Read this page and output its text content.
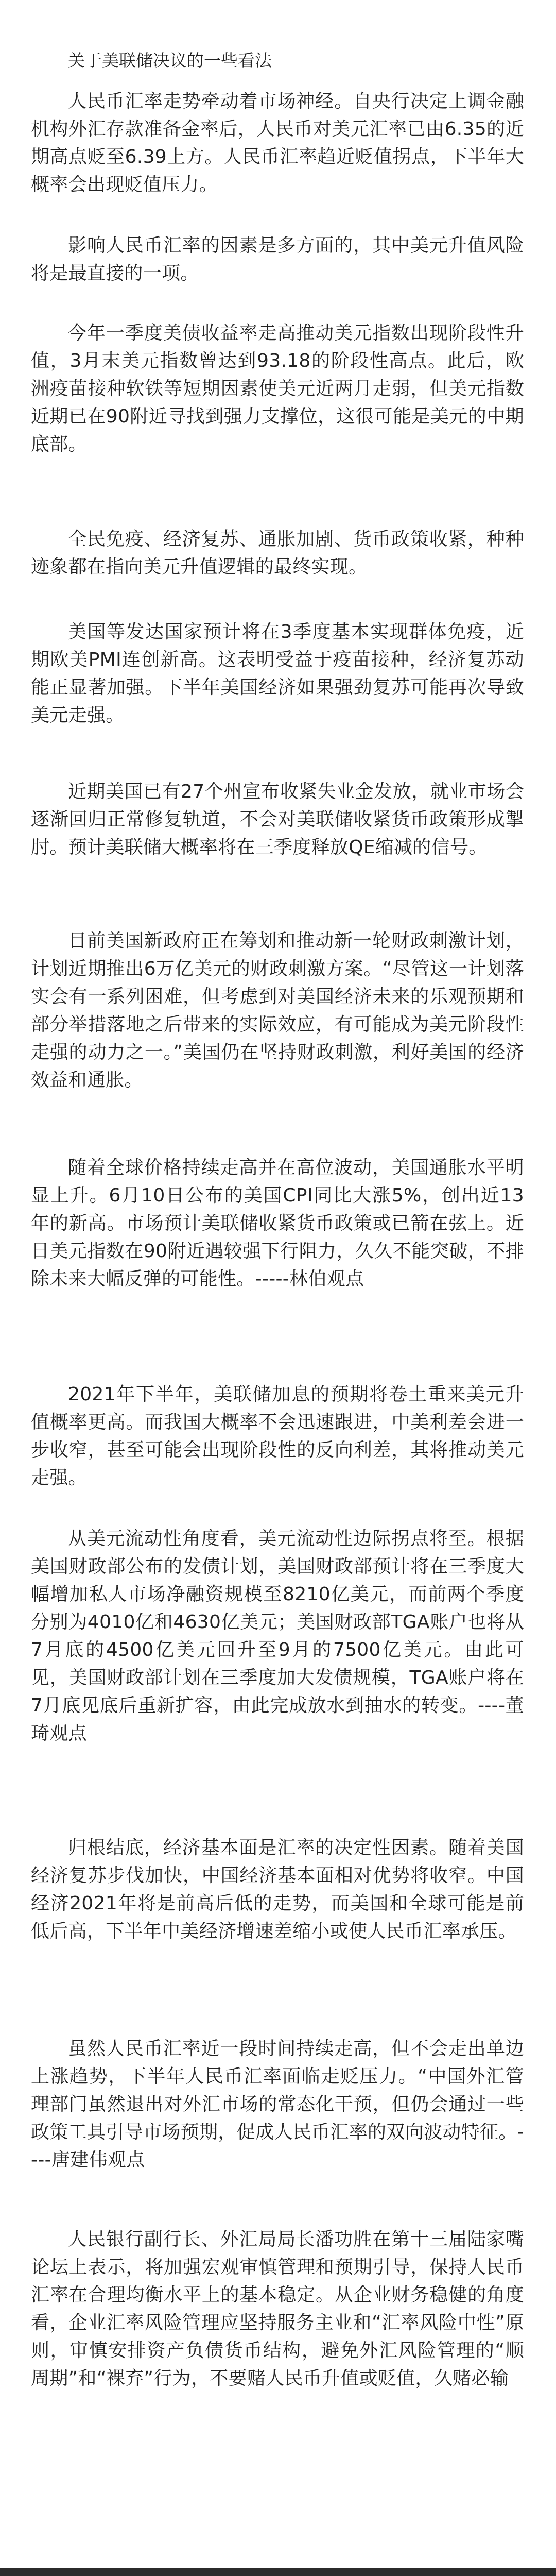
关于美联储决议的一些看法

人民币汇率走势牵动着市场神经。自央行决定上调金融机构外汇存款准备金率后，人民币对美元汇率已由6.35的近期高点贬至6.39上方。人民币汇率趋近贬值拐点，下半年大概率会出现贬值压力。

影响人民币汇率的因素是多方面的，其中美元升值风险将是最直接的一项。

今年一季度美债收益率走高推动美元指数出现阶段性升值，3月末美元指数曾达到93.18的阶段性高点。此后，欧洲疫苗接种软铁等短期因素使美元近两月走弱，但美元指数近期已在90附近寻找到强力支撑位，这很可能是美元的中期底部。

全民免疫、经济复苏、通胀加剧、货币政策收紧，种种迹象都在指向美元升值逻辑的最终实现。

美国等发达国家预计将在3季度基本实现群体免疫，近期欧美PMI连创新高。这表明受益于疫苗接种，经济复苏动能正显著加强。下半年美国经济如果强劲复苏可能再次导致美元走强。

近期美国已有27个州宣布收紧失业金发放，就业市场会逐渐回归正常修复轨道，不会对美联储收紧货币政策形成掣肘。预计美联储大概率将在三季度释放QE缩减的信号。

目前美国新政府正在筹划和推动新一轮财政刺激计划，计划近期推出6万亿美元的财政刺激方案。“尽管这一计划落实会有一系列困难，但考虑到对美国经济未来的乐观预期和部分举措落地之后带来的实际效应，有可能成为美元阶段性走强的动力之一。”美国仍在坚持财政刺激，利好美国的经济效益和通胀。

随着全球价格持续走高并在高位波动，美国通胀水平明显上升。6月10日公布的美国CPI同比大涨5%，创出近13年的新高。市场预计美联储收紧货币政策或已箭在弦上。近日美元指数在90附近遇较强下行阻力，久久不能突破，不排除未来大幅反弹的可能性。-----林伯观点

2021年下半年，美联储加息的预期将卷土重来美元升值概率更高。而我国大概率不会迅速跟进，中美利差会进一步收窄，甚至可能会出现阶段性的反向利差，其将推动美元走强。

从美元流动性角度看，美元流动性边际拐点将至。根据美国财政部公布的发债计划，美国财政部预计将在三季度大幅增加私人市场净融资规模至8210亿美元，而前两个季度分别为4010亿和4630亿美元；美国财政部TGA账户也将从7月底的4500亿美元回升至9月的7500亿美元。由此可见，美国财政部计划在三季度加大发债规模，TGA账户将在7月底见底后重新扩容，由此完成放水到抽水的转变。----董琦观点

归根结底，经济基本面是汇率的决定性因素。随着美国经济复苏步伐加快，中国经济基本面相对优势将收窄。中国经济2021年将是前高后低的走势，而美国和全球可能是前低后高，下半年中美经济增速差缩小或使人民币汇率承压。

虽然人民币汇率近一段时间持续走高，但不会走出单边上涨趋势，下半年人民币汇率面临走贬压力。“中国外汇管理部门虽然退出对外汇市场的常态化干预，但仍会通过一些政策工具引导市场预期，促成人民币汇率的双向波动特征。----唐建伟观点

人民银行副行长、外汇局局长潘功胜在第十三届陆家嘴论坛上表示，将加强宏观审慎管理和预期引导，保持人民币汇率在合理均衡水平上的基本稳定。从企业财务稳健的角度看，企业汇率风险管理应坚持服务主业和“汇率风险中性”原则，审慎安排资产负债货币结构，避免外汇风险管理的“顺周期”和“裸弃”行为，不要赌人民币升值或贬值，久赌必输
